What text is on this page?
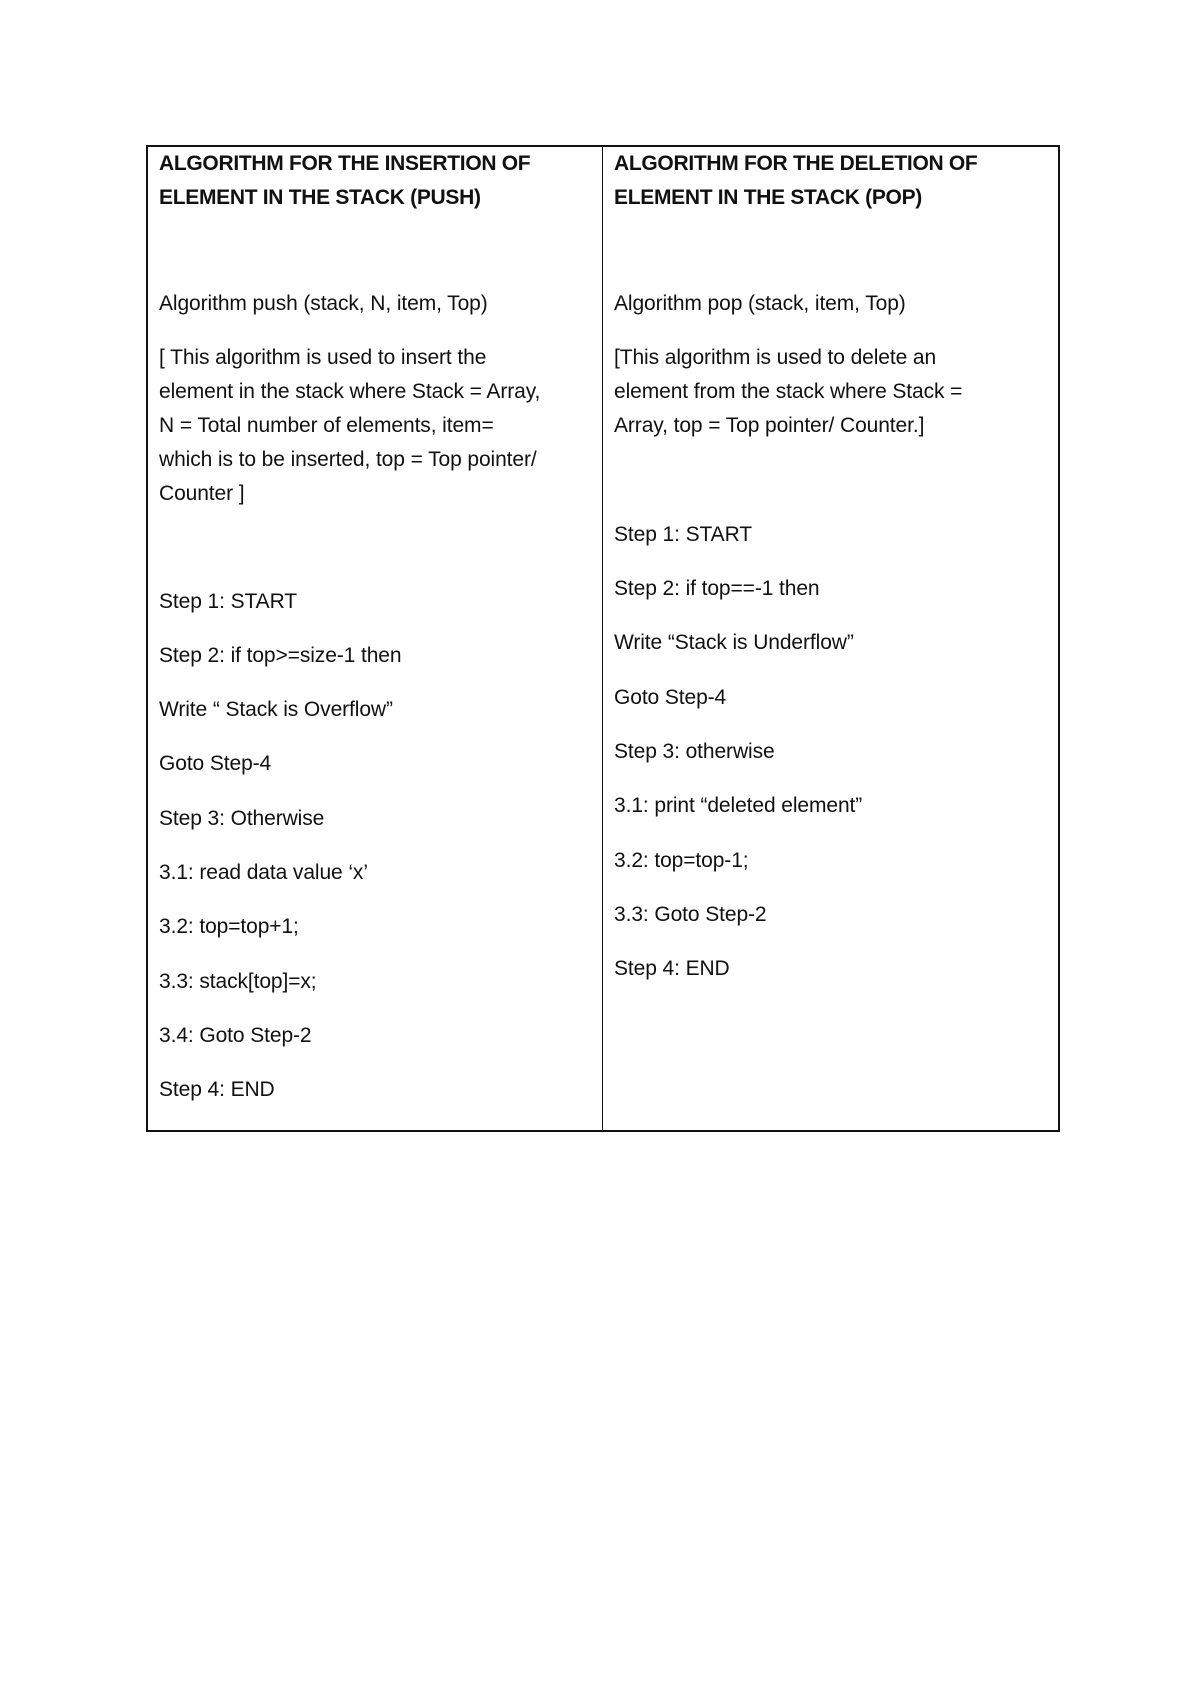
ALGORITHM FOR THE INSERTION OF
ELEMENT IN THE STACK (PUSH)
Algorithm push (stack, N, item, Top)
[ This algorithm is used to insert the
element in the stack where Stack = Array,
N = Total number of elements, item=
which is to be inserted, top = Top pointer/
Counter ]
Step 1: START
Step 2: if top>=size-1 then
Write “ Stack is Overflow”
Goto Step-4
Step 3: Otherwise
3.1: read data value ‘x’
3.2: top=top+1;
3.3: stack[top]=x;
3.4: Goto Step-2
Step 4: END
ALGORITHM FOR THE DELETION OF
ELEMENT IN THE STACK (POP)
Algorithm pop (stack, item, Top)
[This algorithm is used to delete an
element from the stack where Stack =
Array, top = Top pointer/ Counter.]
Step 1: START
Step 2: if top==-1 then
Write “Stack is Underflow”
Goto Step-4
Step 3: otherwise
3.1: print “deleted element”
3.2: top=top-1;
3.3: Goto Step-2
Step 4: END
